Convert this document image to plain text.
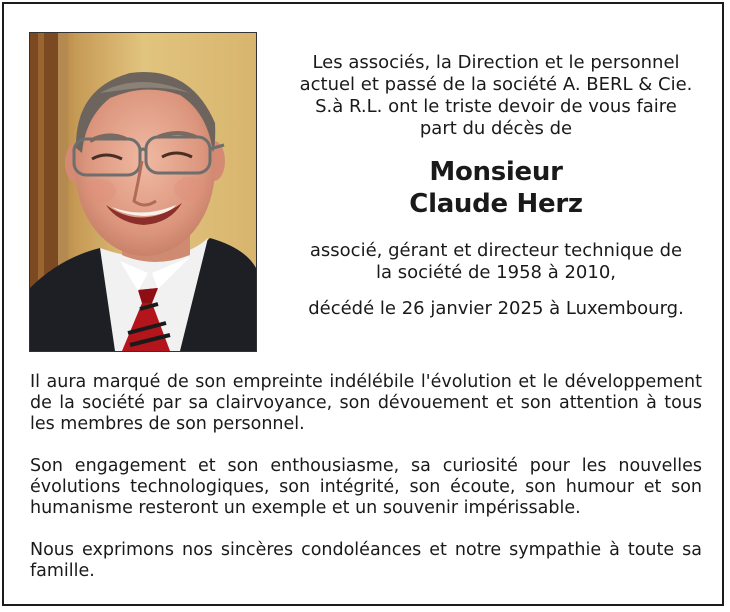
Les associés, la Direction et le personnel

actuel et passé de la société A. BERL & Cie.

S.à R.L. ont le triste devoir de vous faire

part du décès de

Monsieur
Claude Herz
associé, gérant et directeur technique de
la société de 1958 à 2010,
décédé le 26 janvier 2025 à Luxembourg.

Il aura marqué de son empreinte indélébile l'évolution et le développement de la société par sa clairvoyance, son dévouement et son attention à tous les membres de son personnel.

Son engagement et son enthousiasme, sa curiosité pour les nouvelles évolutions technologiques, son intégrité, son écoute, son humour et son humanisme resteront un exemple et un souvenir impérissable.

Nous exprimons nos sincères condoléances et notre sympathie à toute sa famille.
